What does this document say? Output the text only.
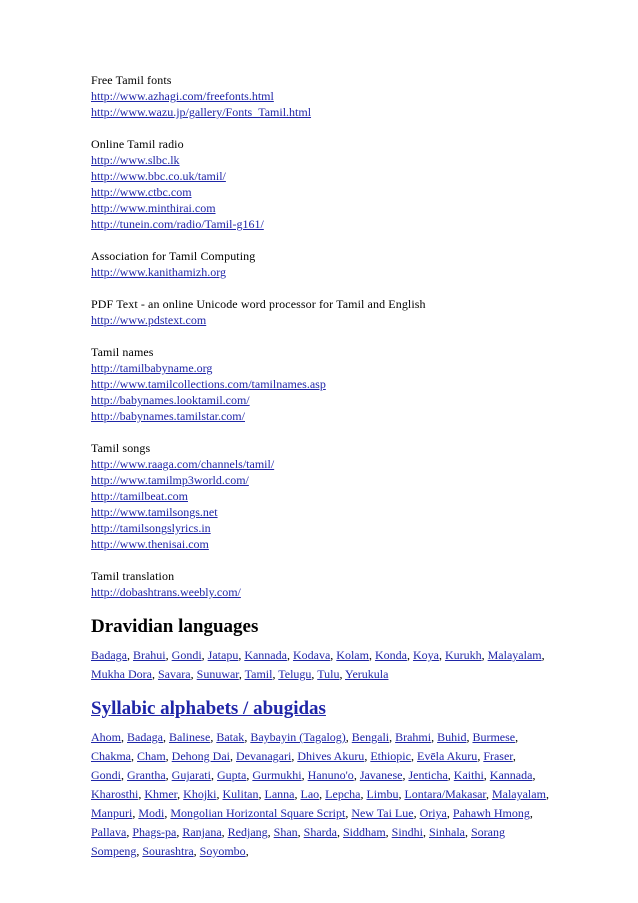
Free Tamil fonts

http://www.azhagi.com/freefonts.html
http://www.wazu.jp/gallery/Fonts_Tamil.html

Online Tamil radio

http://www.slbc.lk
http://www.bbc.co.uk/tamil/
http://www.ctbc.com
http://www.minthirai.com
http://tunein.com/radio/Tamil-g161/

Association for Tamil Computing

http://www.kanithamizh.org

PDF Text - an online Unicode word processor for Tamil and English

http://www.pdstext.com

Tamil names

http://tamilbabyname.org
http://www.tamilcollections.com/tamilnames.asp
http://babynames.looktamil.com/
http://babynames.tamilstar.com/

Tamil songs

http://www.raaga.com/channels/tamil/
http://www.tamilmp3world.com/
http://tamilbeat.com
http://www.tamilsongs.net
http://tamilsongslyrics.in
http://www.thenisai.com

Tamil translation

http://dobashtrans.weebly.com/
Dravidian languages
Badaga, Brahui, Gondi, Jatapu, Kannada, Kodava, Kolam, Konda, Koya, Kurukh, Malayalam, Mukha Dora, Savara, Sunuwar, Tamil, Telugu, Tulu, Yerukula
Syllabic alphabets / abugidas
Ahom, Badaga, Balinese, Batak, Baybayin (Tagalog), Bengali, Brahmi, Buhid, Burmese, Chakma, Cham, Dehong Dai, Devanagari, Dhives Akuru, Ethiopic, Evēla Akuru, Fraser, Gondi, Grantha, Gujarati, Gupta, Gurmukhi, Hanuno'o, Javanese, Jenticha, Kaithi, Kannada, Kharosthi, Khmer, Khojki, Kulitan, Lanna, Lao, Lepcha, Limbu, Lontara/Makasar, Malayalam, Manpuri, Modi, Mongolian Horizontal Square Script, New Tai Lue, Oriya, Pahawh Hmong, Pallava, Phags-pa, Ranjana, Redjang, Shan, Sharda, Siddham, Sindhi, Sinhala, Sorang Sompeng, Sourashtra, Soyombo,
